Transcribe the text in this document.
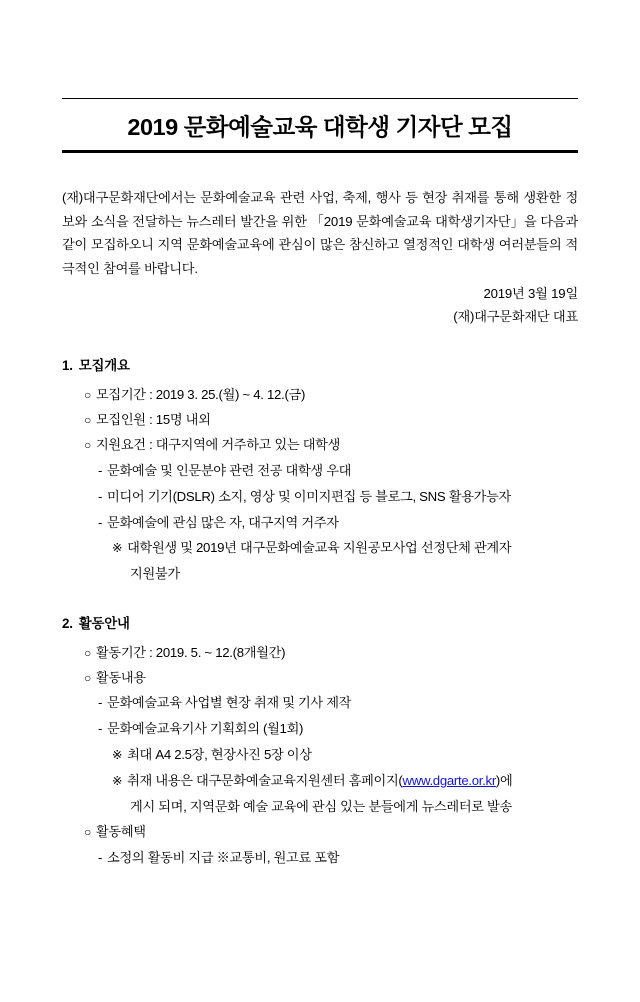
2019 문화예술교육 대학생 기자단 모집
(재)대구문화재단에서는 문화예술교육 관련 사업, 축제, 행사 등 현장 취재를 통해 생환한 정보와 소식을 전달하는 뉴스레터 발간을 위한 「2019 문화예술교육 대학생기자단」을 다음과 같이 모집하오니 지역 문화예술교육에 관심이 많은 참신하고 열정적인 대학생 여러분들의 적극적인 참여를 바랍니다.
2019년 3월 19일
(재)대구문화재단 대표
1. 모집개요
○ 모집기간 : 2019 3. 25.(월) ~ 4. 12.(금)
○ 모집인원 : 15명 내외
○ 지원요건 : 대구지역에 거주하고 있는 대학생
- 문화예술 및 인문분야 관련 전공 대학생 우대
- 미디어 기기(DSLR) 소지, 영상 및 이미지편집 등 블로그, SNS 활용가능자
- 문화예술에 관심 많은 자, 대구지역 거주자
※ 대학원생 및 2019년 대구문화예술교육 지원공모사업 선정단체 관계자
지원불가
2. 활동안내
○ 활동기간 : 2019. 5. ~ 12.(8개월간)
○ 활동내용
- 문화예술교육 사업별 현장 취재 및 기사 제작
- 문화예술교육기사 기획회의 (월1회)
※ 최대 A4 2.5장, 현장사진 5장 이상
※ 취재 내용은 대구문화예술교육지원센터 홈페이지(www.dgarte.or.kr)에
게시 되며, 지역문화 예술 교육에 관심 있는 분들에게 뉴스레터로 발송
○ 활동혜택
- 소정의 활동비 지급 ※교통비, 원고료 포함
